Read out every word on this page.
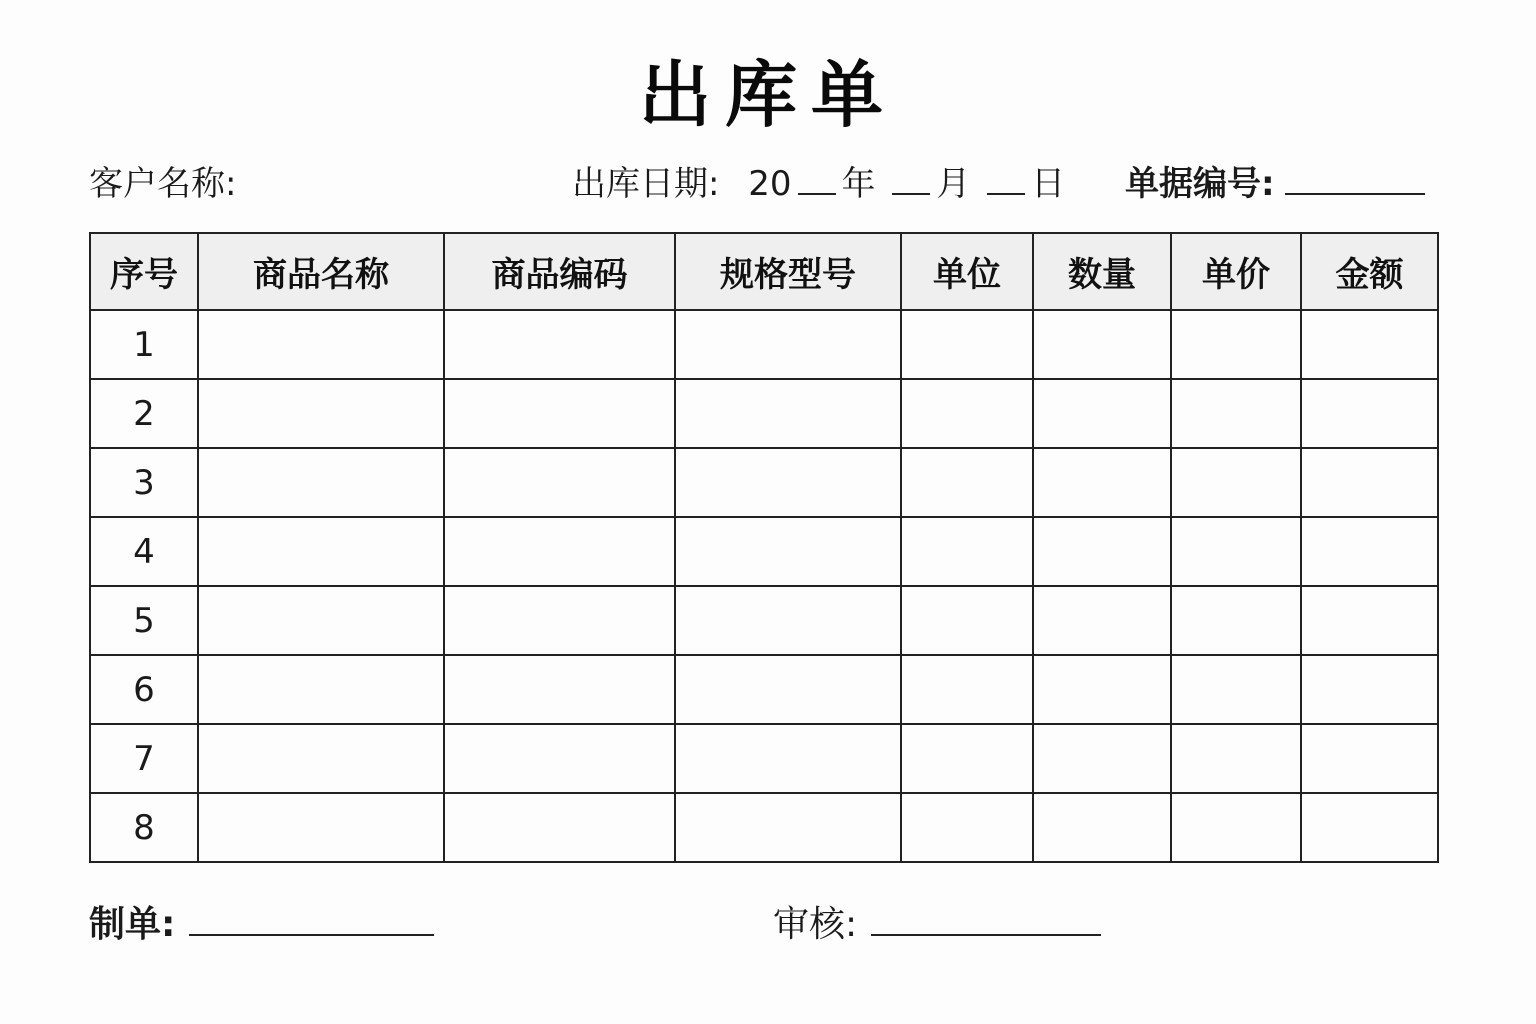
出库单
客户名称:	出库日期: 20 年 月 日 单据编号:
序号	商品名称	商品编码	规格型号	单位	数量	单价	金额
1							
2							
3							
4							
5							
6							
7							
8							
制单:	审核:
